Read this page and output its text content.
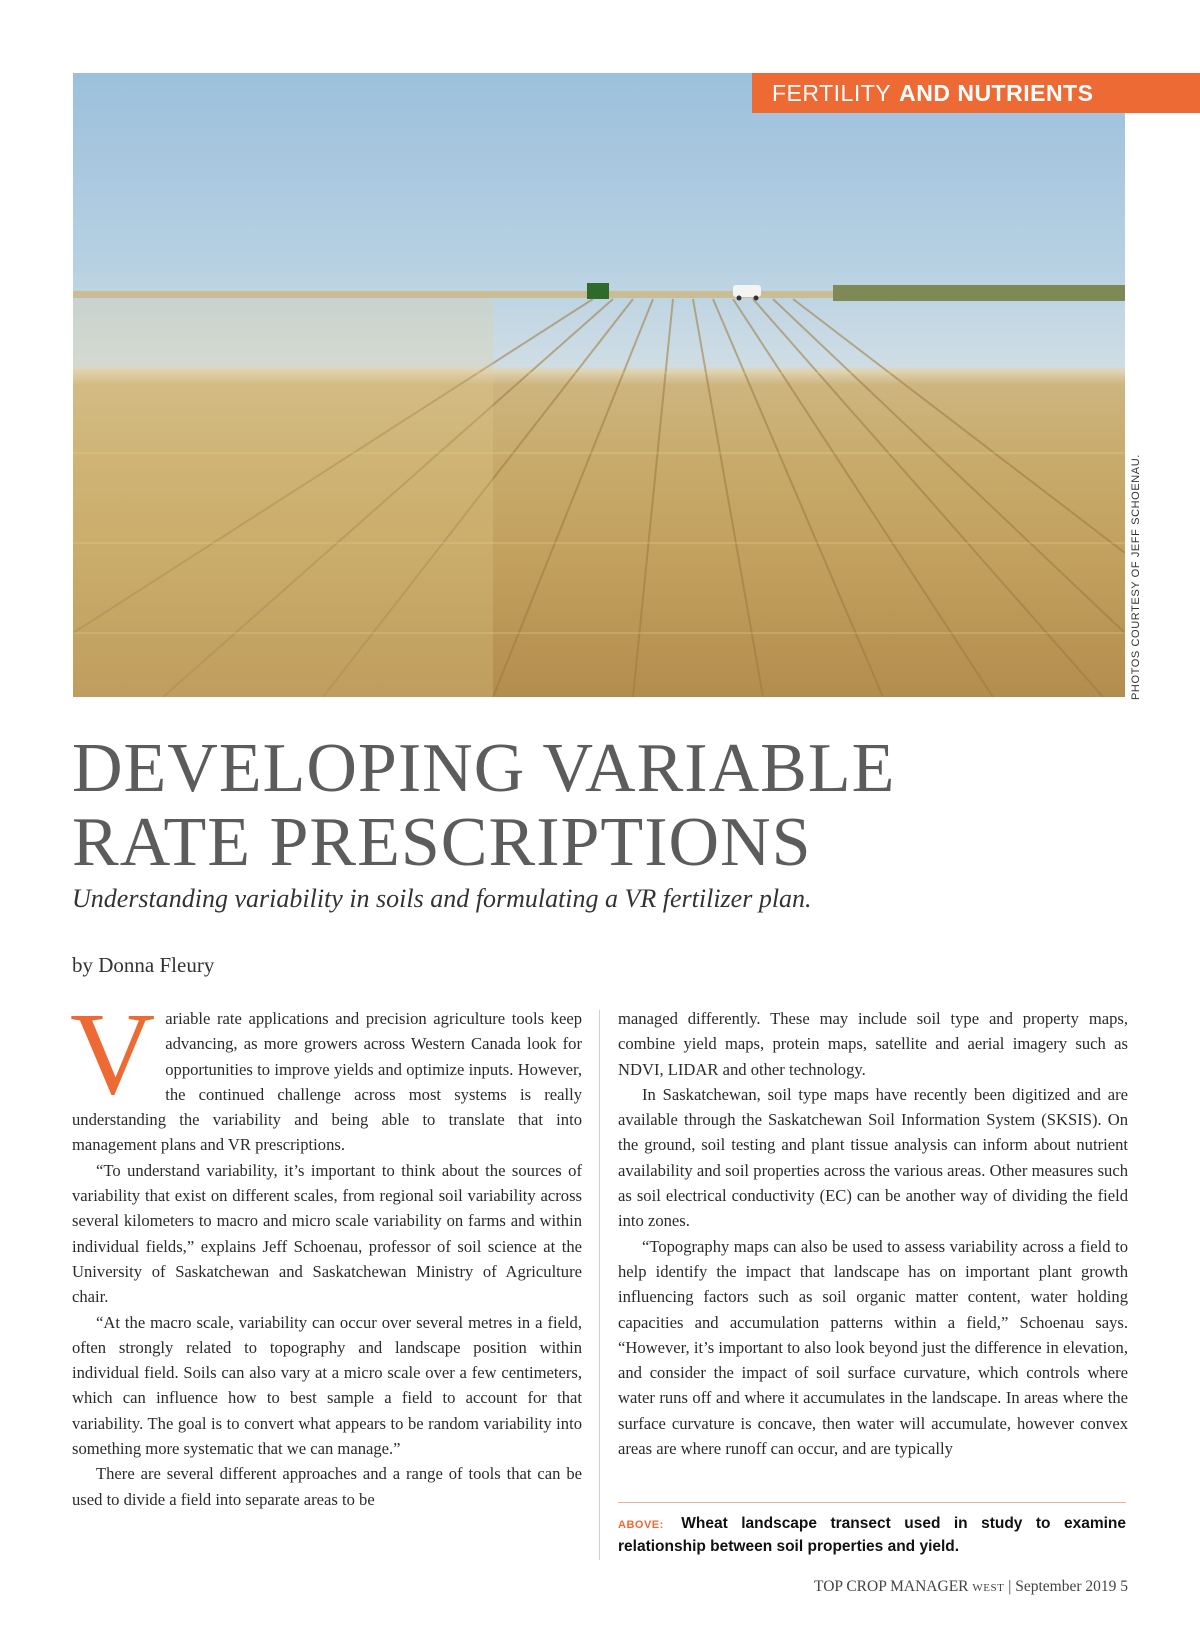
FERTILITY AND NUTRIENTS
PHOTOS COURTESY OF JEFF SCHOENAU.
DEVELOPING VARIABLE
RATE PRESCRIPTIONS

Understanding variability in soils and formulating a VR fertilizer plan.

by Donna Fleury

Variable rate applications and precision agriculture tools keep advancing, as more growers across Western Canada look for opportunities to improve yields and optimize inputs. However, the continued challenge across most systems is really understanding the variability and being able to translate that into management plans and VR prescriptions.

“To understand variability, it’s important to think about the sources of variability that exist on different scales, from regional soil variability across several kilometers to macro and micro scale variability on farms and within individual fields,” explains Jeff Schoenau, professor of soil science at the University of Saskatchewan and Saskatchewan Ministry of Agriculture chair.

“At the macro scale, variability can occur over several metres in a field, often strongly related to topography and landscape position within individual field. Soils can also vary at a micro scale over a few centimeters, which can influence how to best sample a field to account for that variability. The goal is to convert what appears to be random variability into something more systematic that we can manage.”

There are several different approaches and a range of tools that can be used to divide a field into separate areas to be

managed differently. These may include soil type and property maps, combine yield maps, protein maps, satellite and aerial imagery such as NDVI, LIDAR and other technology.

In Saskatchewan, soil type maps have recently been digitized and are available through the Saskatchewan Soil Information System (SKSIS). On the ground, soil testing and plant tissue analysis can inform about nutrient availability and soil properties across the various areas. Other measures such as soil electrical conductivity (EC) can be another way of dividing the field into zones.

“Topography maps can also be used to assess variability across a field to help identify the impact that landscape has on important plant growth influencing factors such as soil organic matter content, water holding capacities and accumulation patterns within a field,” Schoenau says. “However, it’s important to also look beyond just the difference in elevation, and consider the impact of soil surface curvature, which controls where water runs off and where it accumulates in the landscape. In areas where the surface curvature is concave, then water will accumulate, however convex areas are where runoff can occur, and are typically

ABOVE: Wheat landscape transect used in study to examine relationship between soil properties and yield.
TOP CROP MANAGER WEST | September 2019 5
